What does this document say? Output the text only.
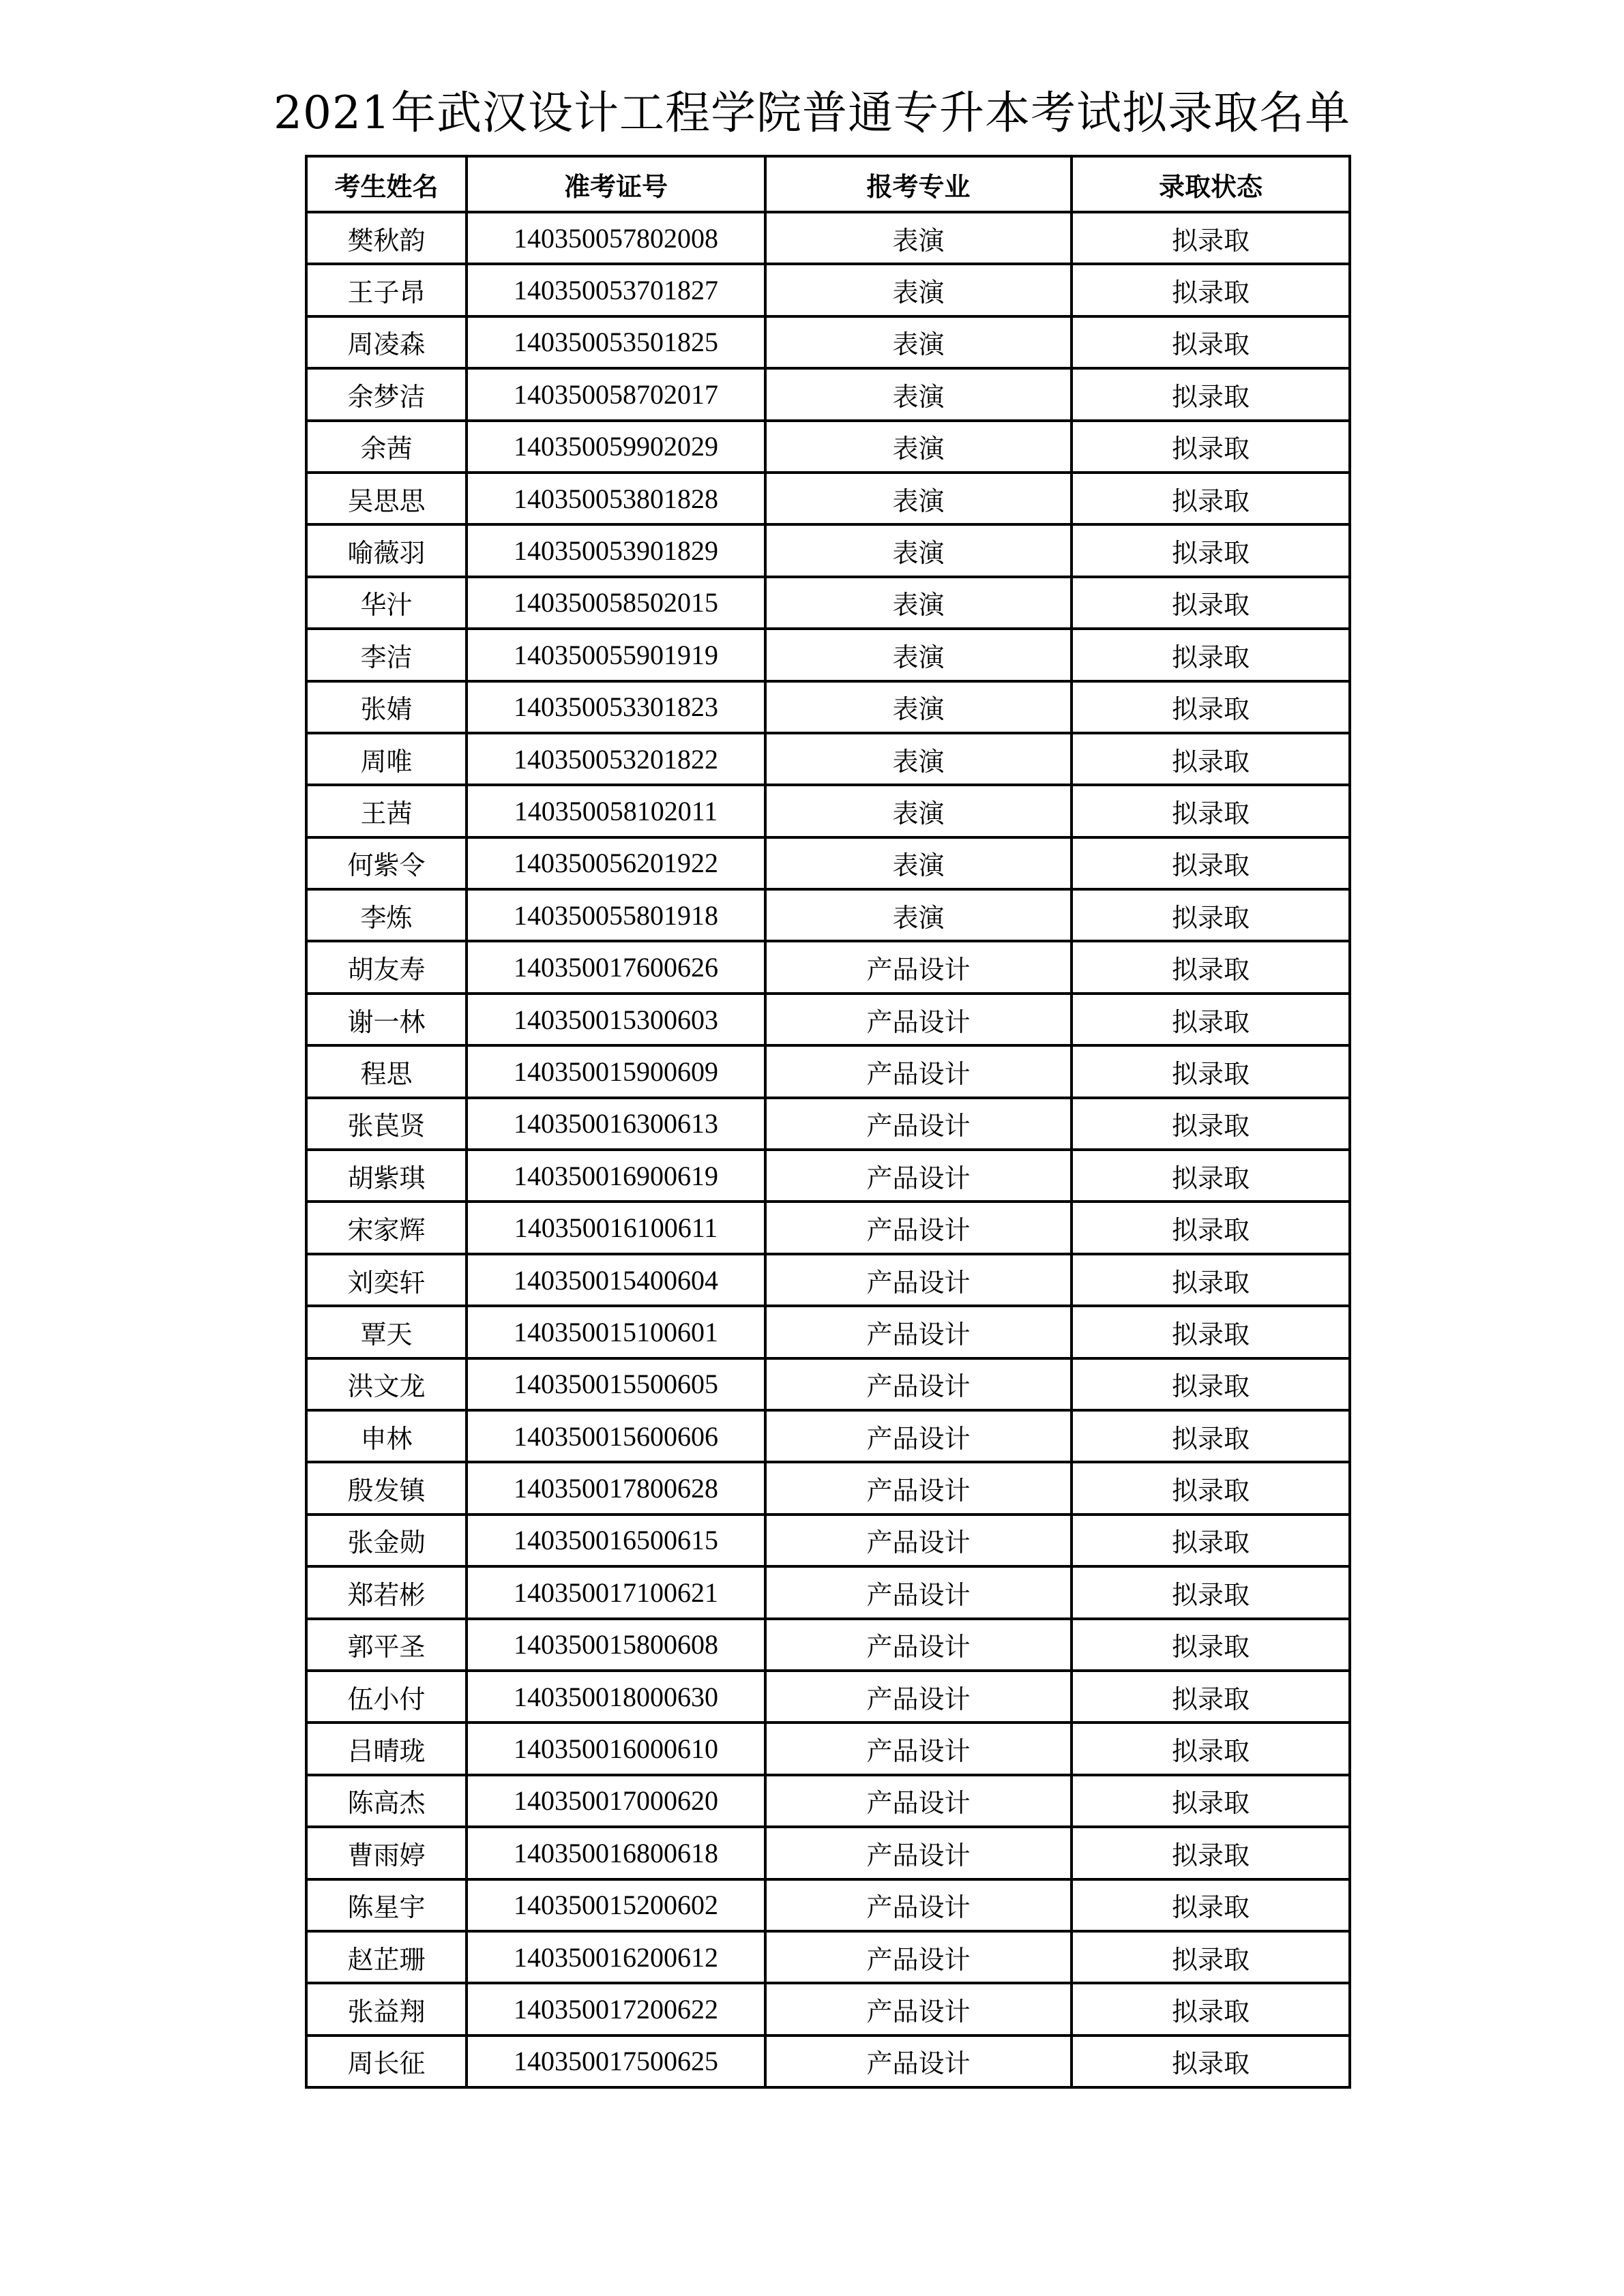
2021年武汉设计工程学院普通专升本考试拟录取名单
考生姓名	准考证号	报考专业	录取状态
樊秋韵	140350057802008	表演	拟录取
王子昂	140350053701827	表演	拟录取
周凌森	140350053501825	表演	拟录取
余梦洁	140350058702017	表演	拟录取
余茜	140350059902029	表演	拟录取
吴思思	140350053801828	表演	拟录取
喻薇羽	140350053901829	表演	拟录取
华汁	140350058502015	表演	拟录取
李洁	140350055901919	表演	拟录取
张婧	140350053301823	表演	拟录取
周唯	140350053201822	表演	拟录取
王茜	140350058102011	表演	拟录取
何紫令	140350056201922	表演	拟录取
李炼	140350055801918	表演	拟录取
胡友寿	140350017600626	产品设计	拟录取
谢一林	140350015300603	产品设计	拟录取
程思	140350015900609	产品设计	拟录取
张苠贤	140350016300613	产品设计	拟录取
胡紫琪	140350016900619	产品设计	拟录取
宋家辉	140350016100611	产品设计	拟录取
刘奕轩	140350015400604	产品设计	拟录取
覃天	140350015100601	产品设计	拟录取
洪文龙	140350015500605	产品设计	拟录取
申林	140350015600606	产品设计	拟录取
殷发镇	140350017800628	产品设计	拟录取
张金勋	140350016500615	产品设计	拟录取
郑若彬	140350017100621	产品设计	拟录取
郭平圣	140350015800608	产品设计	拟录取
伍小付	140350018000630	产品设计	拟录取
吕晴珑	140350016000610	产品设计	拟录取
陈高杰	140350017000620	产品设计	拟录取
曹雨婷	140350016800618	产品设计	拟录取
陈星宇	140350015200602	产品设计	拟录取
赵芷珊	140350016200612	产品设计	拟录取
张益翔	140350017200622	产品设计	拟录取
周长征	140350017500625	产品设计	拟录取
